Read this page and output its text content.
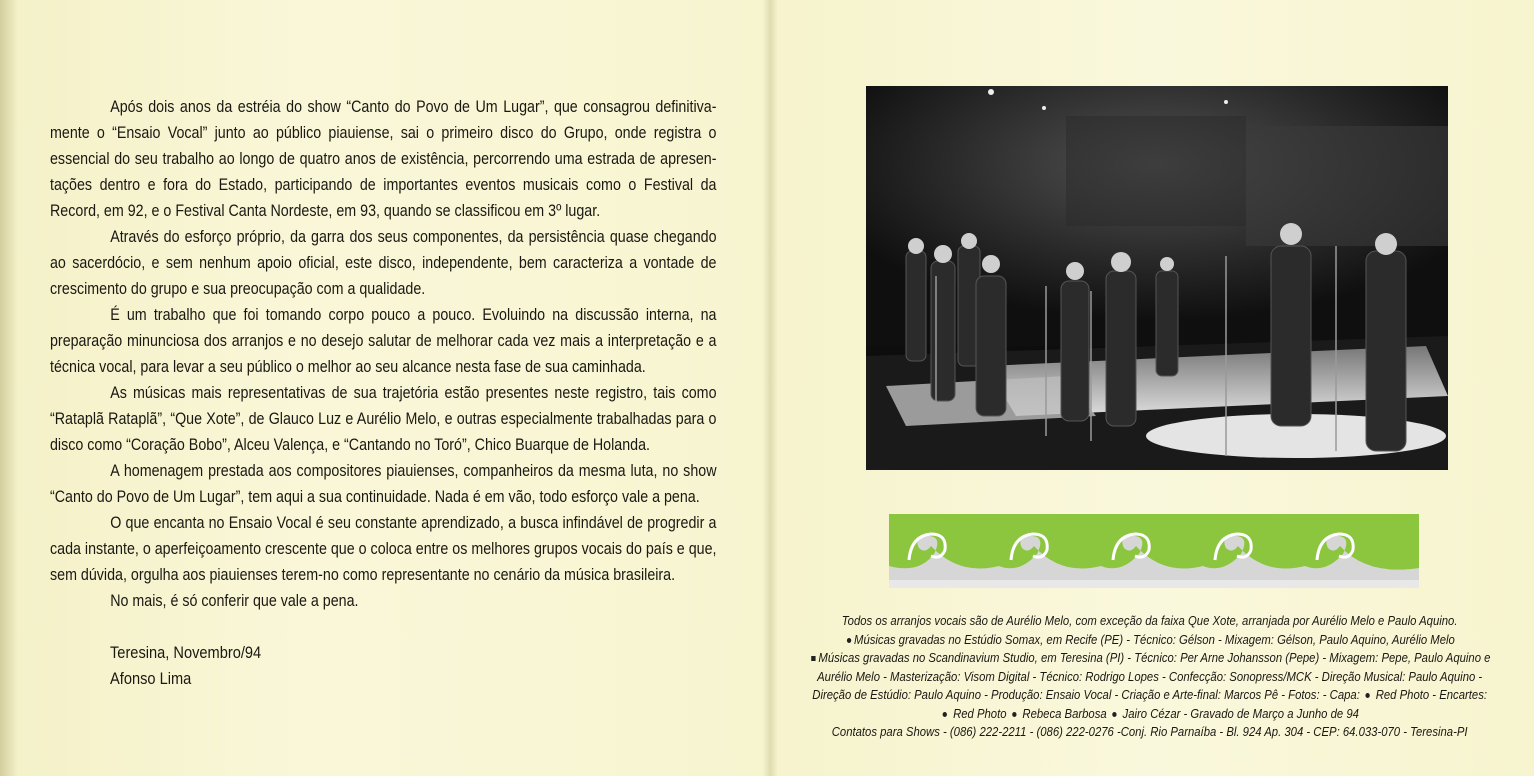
Após dois anos da estréia do show “Canto do Povo de Um Lugar”, que consagrou definitiva-mente o “Ensaio Vocal” junto ao público piauiense, sai o primeiro disco do Grupo, onde registra o essencial do seu trabalho ao longo de quatro anos de existência, percorrendo uma estrada de apresen-tações dentro e fora do Estado, participando de importantes eventos musicais como o Festival da Record, em 92, e o Festival Canta Nordeste, em 93, quando se classificou em 3º lugar.

Através do esforço próprio, da garra dos seus componentes, da persistência quase chegando ao sacerdócio, e sem nenhum apoio oficial, este disco, independente, bem caracteriza a vontade de crescimento do grupo e sua preocupação com a qualidade.

É um trabalho que foi tomando corpo pouco a pouco. Evoluindo na discussão interna, na preparação minunciosa dos arranjos e no desejo salutar de melhorar cada vez mais a interpretação e a técnica vocal, para levar a seu público o melhor ao seu alcance nesta fase de sua caminhada.

As músicas mais representativas de sua trajetória estão presentes neste registro, tais como “Rataplã Rataplã”, “Que Xote”, de Glauco Luz e Aurélio Melo, e outras especialmente trabalhadas para o disco como “Coração Bobo”, Alceu Valença, e “Cantando no Toró”, Chico Buarque de Holanda.

A homenagem prestada aos compositores piauienses, companheiros da mesma luta, no show “Canto do Povo de Um Lugar”, tem aqui a sua continuidade. Nada é em vão, todo esforço vale a pena.

O que encanta no Ensaio Vocal é seu constante aprendizado, a busca infindável de progredir a cada instante, o aperfeiçoamento crescente que o coloca entre os melhores grupos vocais do país e que, sem dúvida, orgulha aos piauienses terem-no como representante no cenário da música brasileira.

No mais, é só conferir que vale a pena.

Teresina, Novembro/94
Afonso Lima

Todos os arranjos vocais são de Aurélio Melo, com exceção da faixa Que Xote, arranjada por Aurélio Melo e Paulo Aquino.

Músicas gravadas no Estúdio Somax, em Recife (PE) - Técnico: Gélson - Mixagem: Gélson, Paulo Aquino, Aurélio Melo

Músicas gravadas no Scandinavium Studio, em Teresina (PI) - Técnico: Per Arne Johansson (Pepe) - Mixagem: Pepe, Paulo Aquino e Aurélio Melo - Masterização: Visom Digital - Técnico: Rodrigo Lopes - Confecção: Sonopress/MCK - Direção Musical: Paulo Aquino - Direção de Estúdio: Paulo Aquino - Produção: Ensaio Vocal - Criação e Arte-final: Marcos Pê - Fotos: - Capa: Red Photo - Encartes:  Red Photo Rebeca Barbosa Jairo Cézar - Gravado de Março a Junho de 94

Contatos para Shows - (086) 222-2211 - (086) 222-0276 -Conj. Rio Parnaíba - Bl. 924 Ap. 304 - CEP: 64.033-070 - Teresina-PI
